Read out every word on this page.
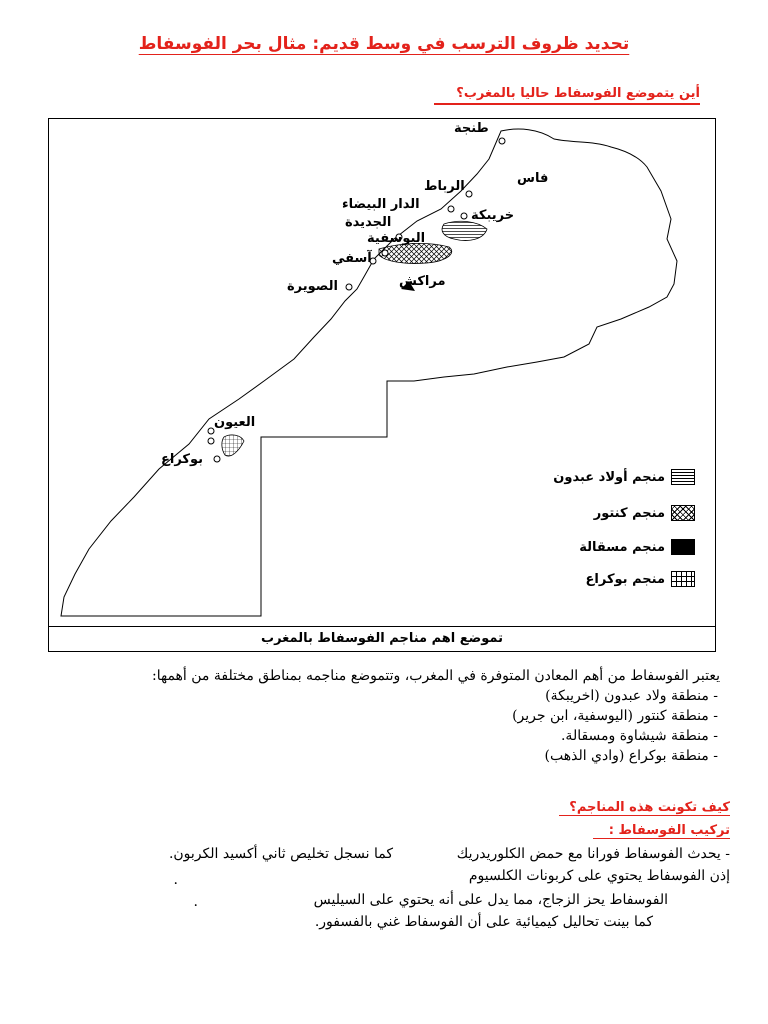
تحديد ظروف الترسب في وسط قديم: مثال بحر الفوسفاط
أين يتموضع الفوسفاط حاليا بالمغرب؟
طنجة
فاس
الرباط
الدار البيضاء
خريبكة
الجديدة
اليوسفية
آسفي
مراكش
الصويرة
العيون
بوكراع
منجم أولاد عبدون
منجم كنتور
منجم مسقالة
منجم بوكراع
تموضع اهم مناجم الفوسفاط بالمغرب
يعتبر الفوسفاط من أهم المعادن المتوفرة في المغرب، وتتموضع مناجمه بمناطق مختلفة من أهمها:
- منطقة ولاد عبدون (اخريبكة)
- منطقة كنتور (اليوسفية، ابن جرير)
- منطقة شيشاوة ومسقالة.
- منطقة بوكراع (وادي الذهب)
كيف تكونت هذه المناجم؟
تركيب الفوسفاط :
- يحدث الفوسفاط فورانا مع حمض الكلوريدريك
كما نسجل تخليص ثاني أكسيد الكربون.
إذن الفوسفاط يحتوي على كربونات الكلسيوم
.
الفوسفاط يحز الزجاج، مما يدل على أنه يحتوي على السيليس
.
كما بينت تحاليل كيميائية على أن الفوسفاط غني بالفسفور.
